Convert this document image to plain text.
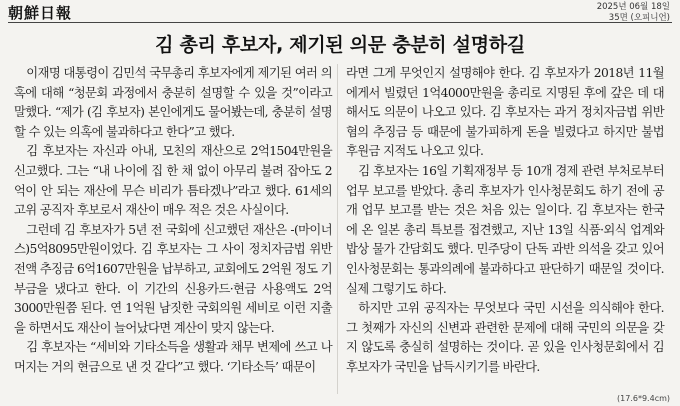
朝鮮日報	2025년 06월 18일
35면 (오피니언)
김 총리 후보자, 제기된 의문 충분히 설명하길

이재명 대통령이 김민석 국무총리 후보자에게 제기된 여러 의혹에 대해 “청문회 과정에서 충분히 설명할 수 있을 것”이라고 말했다. “제가 (김 후보자) 본인에게도 물어봤는데, 충분히 설명할 수 있는 의혹에 불과하다고 한다”고 했다.

김 후보자는 자신과 아내, 모친의 재산으로 2억1504만원을 신고했다. 그는 “내 나이에 집 한 채 없이 아무리 불려 잡아도 2억이 안 되는 재산에 무슨 비리가 틈타겠나”라고 했다. 61세의 고위 공직자 후보로서 재산이 매우 적은 것은 사실이다.

그런데 김 후보자가 5년 전 국회에 신고했던 재산은 -(마이너스)5억8095만원이었다. 김 후보자는 그 사이 정치자금법 위반 전액 추징금 6억1607만원을 납부하고, 교회에도 2억원 정도 기부금을 냈다고 한다. 이 기간의 신용카드·현금 사용액도 2억3000만원쯤 된다. 연 1억원 남짓한 국회의원 세비로 이런 지출을 하면서도 재산이 늘어났다면 계산이 맞지 않는다.

김 후보자는 “세비와 기타소득을 생활과 채무 변제에 쓰고 나머지는 거의 현금으로 낸 것 같다”고 했다. ‘기타소득’ 때문이

라면 그게 무엇인지 설명해야 한다. 김 후보자가 2018년 11월에게서 빌렸던 1억4000만원을 총리로 지명된 후에 갚은 데 대해서도 의문이 나오고 있다. 김 후보자는 과거 정치자금법 위반 혐의 추징금 등 때문에 불가피하게 돈을 빌렸다고 하지만 불법 후원금 지적도 나오고 있다.

김 후보자는 16일 기획재정부 등 10개 경제 관련 부처로부터 업무 보고를 받았다. 총리 후보자가 인사청문회도 하기 전에 공개 업무 보고를 받는 것은 처음 있는 일이다. 김 후보자는 한국에 온 일본 총리 특보를 접견했고, 지난 13일 식품·외식 업계와 밥상 물가 간담회도 했다. 민주당이 단독 과반 의석을 갖고 있어 인사청문회는 통과의례에 불과하다고 판단하기 때문일 것이다. 실제 그렇기도 하다.

하지만 고위 공직자는 무엇보다 국민 시선을 의식해야 한다. 그 첫째가 자신의 신변과 관련한 문제에 대해 국민의 의문을 갖지 않도록 충실히 설명하는 것이다. 곧 있을 인사청문회에서 김 후보자가 국민을 납득시키기를 바란다.

(17.6*9.4cm)
